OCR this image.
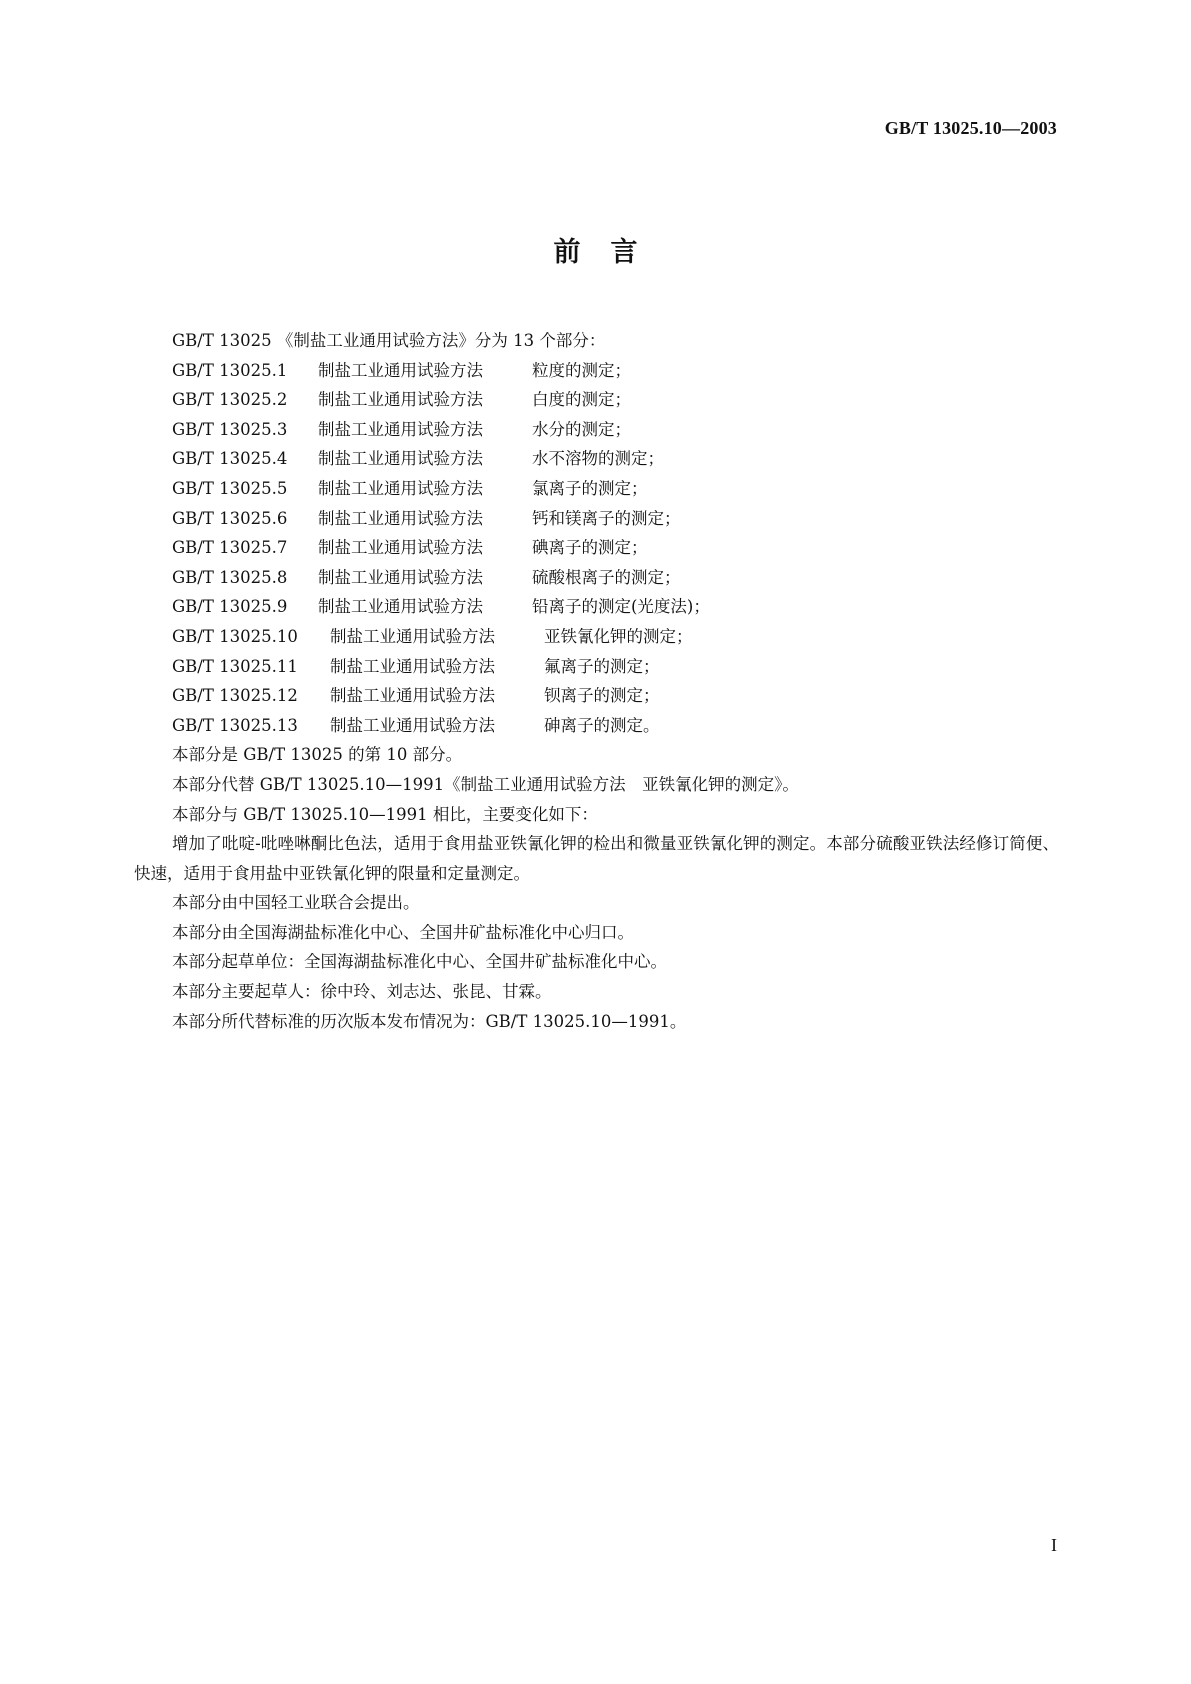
GB/T 13025.10—2003
前言

GB/T 13025 《制盐工业通用试验方法》分为 13 个部分：

GB/T 13025.1 制盐工业通用试验方法	粒度的测定；
GB/T 13025.2 制盐工业通用试验方法	白度的测定；
GB/T 13025.3 制盐工业通用试验方法	水分的测定；
GB/T 13025.4 制盐工业通用试验方法	水不溶物的测定；
GB/T 13025.5 制盐工业通用试验方法	氯离子的测定；
GB/T 13025.6 制盐工业通用试验方法	钙和镁离子的测定；
GB/T 13025.7 制盐工业通用试验方法	碘离子的测定；
GB/T 13025.8 制盐工业通用试验方法	硫酸根离子的测定；
GB/T 13025.9 制盐工业通用试验方法	铅离子的测定(光度法)；
GB/T 13025.10 制盐工业通用试验方法	亚铁氰化钾的测定；
GB/T 13025.11 制盐工业通用试验方法	氟离子的测定；
GB/T 13025.12 制盐工业通用试验方法	钡离子的测定；
GB/T 13025.13 制盐工业通用试验方法	砷离子的测定。

本部分是 GB/T 13025 的第 10 部分。

本部分代替 GB/T 13025.10—1991《制盐工业通用试验方法　亚铁氰化钾的测定》。

本部分与 GB/T 13025.10—1991 相比，主要变化如下：

增加了吡啶-吡唑啉酮比色法，适用于食用盐亚铁氰化钾的检出和微量亚铁氰化钾的测定。本部分硫酸亚铁法经修订简便、快速，适用于食用盐中亚铁氰化钾的限量和定量测定。

本部分由中国轻工业联合会提出。

本部分由全国海湖盐标准化中心、全国井矿盐标准化中心归口。

本部分起草单位：全国海湖盐标准化中心、全国井矿盐标准化中心。

本部分主要起草人：徐中玲、刘志达、张昆、甘霖。

本部分所代替标准的历次版本发布情况为：GB/T 13025.10—1991。

I
